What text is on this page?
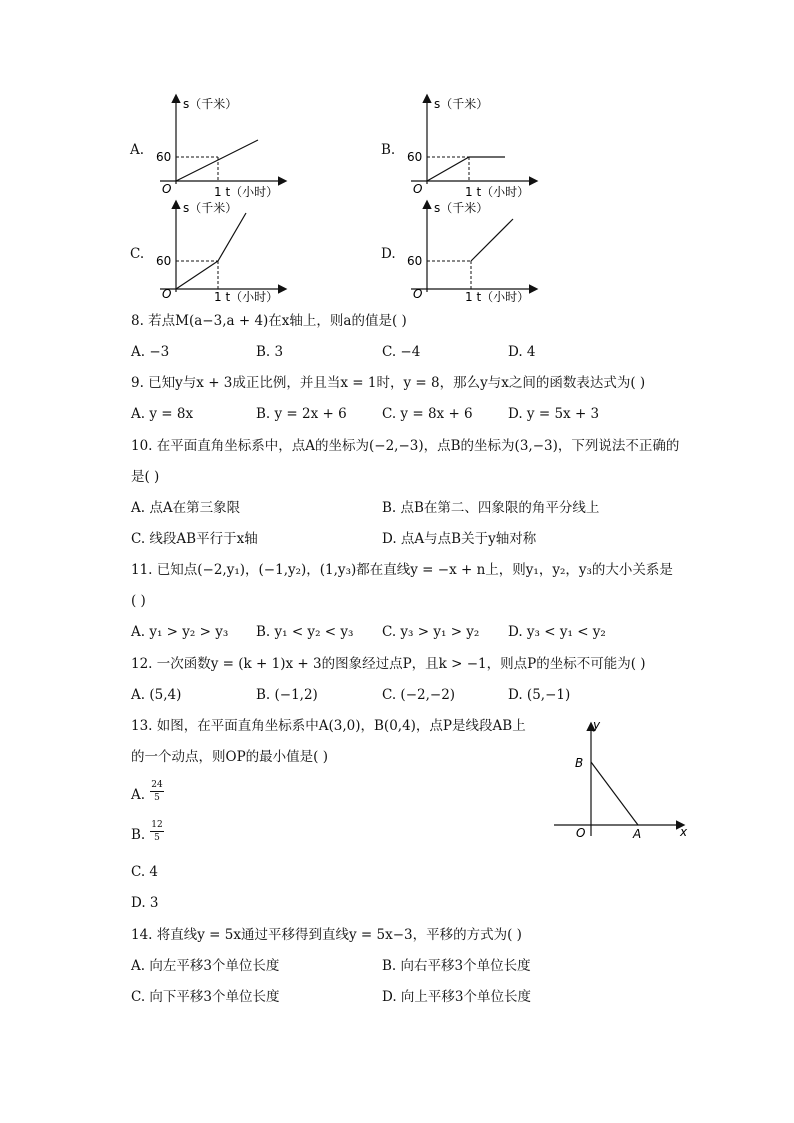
A.
s（千米）
60
O	1 t（小时）
B.
s（千米）
60
O	1 t（小时）
C.
s（千米）
60
O	1 t（小时）
D.
s（千米）
60
O	1 t（小时）
8. 若点M(a−3,a + 4)在x轴上，则a的值是( )
A. −3	B. 3	C. −4	D. 4
9. 已知y与x + 3成正比例，并且当x = 1时，y = 8，那么y与x之间的函数表达式为( )
A. y = 8x	B. y = 2x + 6	C. y = 8x + 6	D. y = 5x + 3
10. 在平面直角坐标系中，点A的坐标为(−2,−3)，点B的坐标为(3,−3)，下列说法不正确的
是( )
A. 点A在第三象限	B. 点B在第二、四象限的角平分线上
C. 线段AB平行于x轴	D. 点A与点B关于y轴对称
11. 已知点(−2,y₁)，(−1,y₂)，(1,y₃)都在直线y = −x + n上，则y₁，y₂，y₃的大小关系是
( )
A. y₁ > y₂ > y₃ B. y₁ < y₂ < y₃ C. y₃ > y₁ > y₂ D. y₃ < y₁ < y₂
12. 一次函数y = (k + 1)x + 3的图象经过点P，且k > −1，则点P的坐标不可能为( )
A. (5,4)	B. (−1,2)	C. (−2,−2)	D. (5,−1)
13. 如图，在平面直角坐标系中A(3,0)，B(0,4)，点P是线段AB上
的一个动点，则OP的最小值是( )
A. $\frac{24}{5}$
B. $\frac{12}{5}$
C. 4
D. 3
y
x
B
A
O
14. 将直线y = 5x通过平移得到直线y = 5x−3，平移的方式为( )
A. 向左平移3个单位长度	B. 向右平移3个单位长度
C. 向下平移3个单位长度	D. 向上平移3个单位长度
